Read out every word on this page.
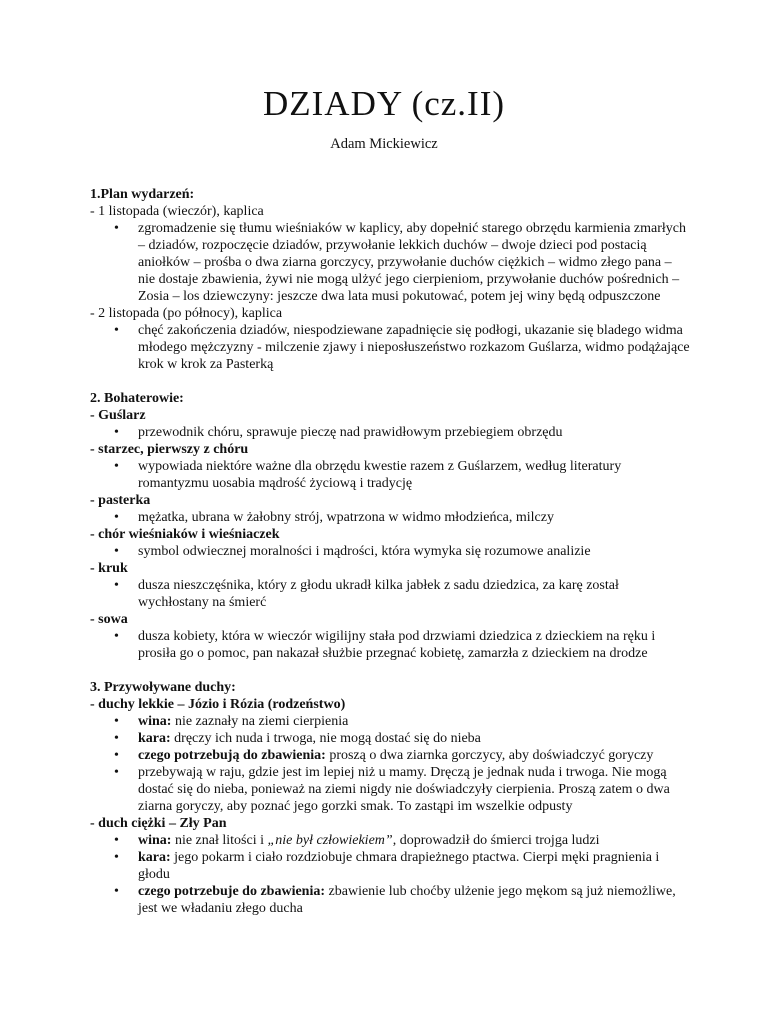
DZIADY (cz.II)
Adam Mickiewicz
1.Plan wydarzeń:
- 1 listopada (wieczór), kaplica
• zgromadzenie się tłumu wieśniaków w kaplicy, aby dopełnić starego obrzędu karmienia zmarłych – dziadów, rozpoczęcie dziadów, przywołanie lekkich duchów – dwoje dzieci pod postacią aniołków – prośba o dwa ziarna gorczycy, przywołanie duchów ciężkich – widmo złego pana – nie dostaje zbawienia, żywi nie mogą ulżyć jego cierpieniom, przywołanie duchów pośrednich – Zosia – los dziewczyny: jeszcze dwa lata musi pokutować, potem jej winy będą odpuszczone
- 2 listopada (po północy), kaplica
• chęć zakończenia dziadów, niespodziewane zapadnięcie się podłogi, ukazanie się bladego widma młodego mężczyzny - milczenie zjawy i nieposłuszeństwo rozkazom Guślarza, widmo podążające krok w krok za Pasterką
2. Bohaterowie:
- Guślarz
• przewodnik chóru, sprawuje pieczę nad prawidłowym przebiegiem obrzędu
- starzec, pierwszy z chóru
• wypowiada niektóre ważne dla obrzędu kwestie razem z Guślarzem, według literatury romantyzmu uosabia mądrość życiową i tradycję
- pasterka
• mężatka, ubrana w żałobny strój, wpatrzona w widmo młodzieńca, milczy
- chór wieśniaków i wieśniaczek
• symbol odwiecznej moralności i mądrości, która wymyka się rozumowe analizie
- kruk
• dusza nieszczęśnika, który z głodu ukradł kilka jabłek z sadu dziedzica, za karę został wychłostany na śmierć
- sowa
• dusza kobiety, która w wieczór wigilijny stała pod drzwiami dziedzica z dzieckiem na ręku i prosiła go o pomoc, pan nakazał służbie przegnać kobietę, zamarzła z dzieckiem na drodze
3. Przywoływane duchy:
- duchy lekkie – Józio i Rózia (rodzeństwo)
• wina: nie zaznały na ziemi cierpienia
• kara: dręczy ich nuda i trwoga, nie mogą dostać się do nieba
• czego potrzebują do zbawienia: proszą o dwa ziarnka gorczycy, aby doświadczyć goryczy
• przebywają w raju, gdzie jest im lepiej niż u mamy. Dręczą je jednak nuda i trwoga. Nie mogą dostać się do nieba, ponieważ na ziemi nigdy nie doświadczyły cierpienia. Proszą zatem o dwa ziarna goryczy, aby poznać jego gorzki smak. To zastąpi im wszelkie odpusty
- duch ciężki – Zły Pan
• wina: nie znał litości i „nie był człowiekiem”, doprowadził do śmierci trojga ludzi
• kara: jego pokarm i ciało rozdziobuje chmara drapieżnego ptactwa. Cierpi męki pragnienia i głodu
• czego potrzebuje do zbawienia: zbawienie lub choćby ulżenie jego mękom są już niemożliwe, jest we władaniu złego ducha
